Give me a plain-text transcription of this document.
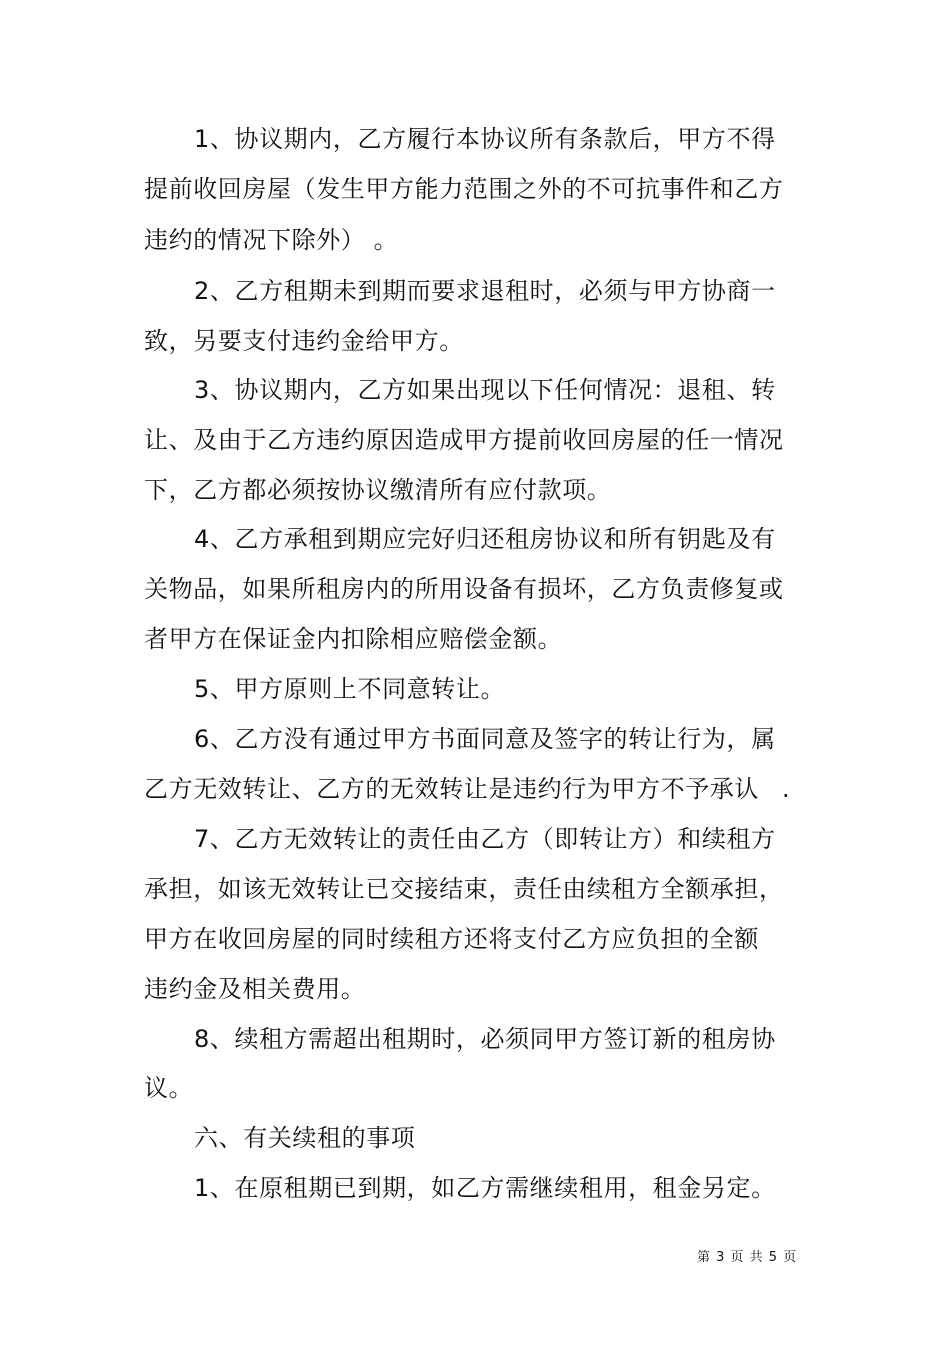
1、协议期内，乙方履行本协议所有条款后，甲方不得
提前收回房屋（发生甲方能力范围之外的不可抗事件和乙方
违约的情况下除外） 。
2、乙方租期未到期而要求退租时，必须与甲方协商一
致，另要支付违约金给甲方。
3、协议期内，乙方如果出现以下任何情况：退租、转
让、及由于乙方违约原因造成甲方提前收回房屋的任一情况
下，乙方都必须按协议缴清所有应付款项。
4、乙方承租到期应完好归还租房协议和所有钥匙及有
关物品，如果所租房内的所用设备有损坏，乙方负责修复或
者甲方在保证金内扣除相应赔偿金额。
5、甲方原则上不同意转让。
6、乙方没有通过甲方书面同意及签字的转让行为，属
乙方无效转让、乙方的无效转让是违约行为甲方不予承认 .
7、乙方无效转让的责任由乙方（即转让方）和续租方
承担，如该无效转让已交接结束，责任由续租方全额承担，
甲方在收回房屋的同时续租方还将支付乙方应负担的全额
违约金及相关费用。
8、续租方需超出租期时，必须同甲方签订新的租房协
议。
六、有关续租的事项
1、在原租期已到期，如乙方需继续租用，租金另定。
第 3 页 共 5 页
